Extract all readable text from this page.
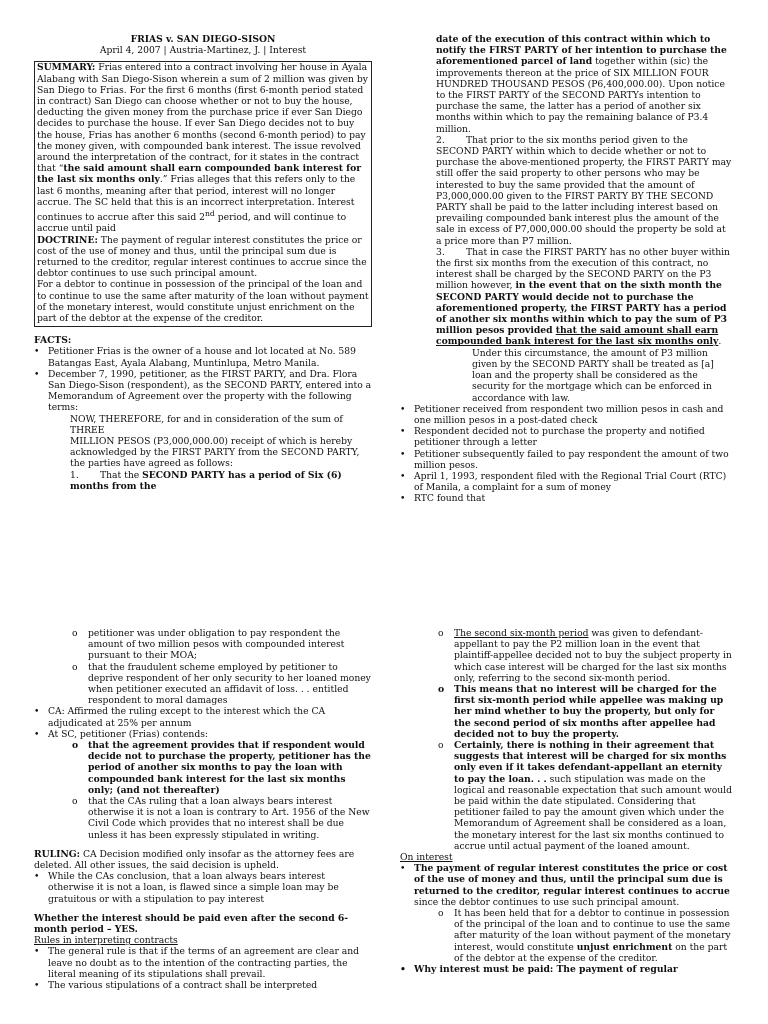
FRIAS v. SAN DIEGO-SISON

April 4, 2007 | Austria-Martinez, J. | Interest

SUMMARY: Frias entered into a contract involving her house in Ayala Alabang with San Diego-Sison wherein a sum of 2 million was given by San Diego to Frias. For the first 6 months (first 6-month period stated in contract) San Diego can choose whether or not to buy the house, deducting the given money from the purchase price if ever San Diego decides to purchase the house. If ever San Diego decides not to buy the house, Frias has another 6 months (second 6-month period) to pay the money given, with compounded bank interest. The issue revolved around the interpretation of the contract, for it states in the contract that “the said amount shall earn compounded bank interest for the last six months only.” Frias alleges that this refers only to the last 6 months, meaning after that period, interest will no longer accrue. The SC held that this is an incorrect interpretation. Interest continues to accrue after this said 2nd period, and will continue to accrue until paid

DOCTRINE: The payment of regular interest constitutes the price or cost of the use of money and thus, until the principal sum due is returned to the creditor, regular interest continues to accrue since the debtor continues to use such principal amount.

For a debtor to continue in possession of the principal of the loan and to continue to use the same after maturity of the loan without payment of the monetary interest, would constitute unjust enrichment on the part of the debtor at the expense of the creditor.

FACTS:

• Petitioner Frias is the owner of a house and lot located at No. 589 Batangas East, Ayala Alabang, Muntinlupa, Metro Manila.
• December 7, 1990, petitioner, as the FIRST PARTY, and Dra. Flora San Diego-Sison (respondent), as the SECOND PARTY, entered into a Memorandum of Agreement over the property with the following terms:

NOW, THEREFORE, for and in consideration of the sum of THREE

MILLION PESOS (P3,000,000.00) receipt of which is hereby acknowledged by the FIRST PARTY from the SECOND PARTY, the parties have agreed as follows:

1. That the SECOND PARTY has a period of Six (6) months from the

date of the execution of this contract within which to notify the FIRST PARTY of her intention to purchase the aforementioned parcel of land together within (sic) the improvements thereon at the price of SIX MILLION FOUR HUNDRED THOUSAND PESOS (P6,400,000.00). Upon notice to the FIRST PARTY of the SECOND PARTYs intention to purchase the same, the latter has a period of another six months within which to pay the remaining balance of P3.4 million.

2. That prior to the six months period given to the SECOND PARTY within which to decide whether or not to purchase the above-mentioned property, the FIRST PARTY may still offer the said property to other persons who may be interested to buy the same provided that the amount of P3,000,000.00 given to the FIRST PARTY BY THE SECOND PARTY shall be paid to the latter including interest based on prevailing compounded bank interest plus the amount of the sale in excess of P7,000,000.00 should the property be sold at a price more than P7 million.

3. That in case the FIRST PARTY has no other buyer within the first six months from the execution of this contract, no interest shall be charged by the SECOND PARTY on the P3 million however, in the event that on the sixth month the SECOND PARTY would decide not to purchase the aforementioned property, the FIRST PARTY has a period of another six months within which to pay the sum of P3 million pesos provided that the said amount shall earn compounded bank interest for the last six months only.

Under this circumstance, the amount of P3 million given by the SECOND PARTY shall be treated as [a] loan and the property shall be considered as the security for the mortgage which can be enforced in accordance with law.

• Petitioner received from respondent two million pesos in cash and one million pesos in a post-dated check
• Respondent decided not to purchase the property and notified petitioner through a letter
• Petitioner subsequently failed to pay respondent the amount of two million pesos.
• April 1, 1993, respondent filed with the Regional Trial Court (RTC) of Manila, a complaint for a sum of money
• RTC found that
o petitioner was under obligation to pay respondent the amount of two million pesos with compounded interest pursuant to their MOA;
o that the fraudulent scheme employed by petitioner to deprive respondent of her only security to her loaned money when petitioner executed an affidavit of loss. . . entitled respondent to moral damages
• CA: Affirmed the ruling except to the interest which the CA adjudicated at 25% per annum
• At SC, petitioner (Frias) contends:
o that the agreement provides that if respondent would decide not to purchase the property, petitioner has the period of another six months to pay the loan with compounded bank interest for the last six months only; (and not thereafter)
o that the CAs ruling that a loan always bears interest otherwise it is not a loan is contrary to Art. 1956 of the New Civil Code which provides that no interest shall be due unless it has been expressly stipulated in writing.

RULING: CA Decision modified only insofar as the attorney fees are deleted. All other issues, the said decision is upheld.

• While the CAs conclusion, that a loan always bears interest otherwise it is not a loan, is flawed since a simple loan may be gratuitous or with a stipulation to pay interest

Whether the interest should be paid even after the second 6-month period – YES.

Rules in interpreting contracts

• The general rule is that if the terms of an agreement are clear and leave no doubt as to the intention of the contracting parties, the literal meaning of its stipulations shall prevail.
• The various stipulations of a contract shall be interpreted
o The second six-month period was given to defendant-appellant to pay the P2 million loan in the event that plaintiff-appellee decided not to buy the subject property in which case interest will be charged for the last six months only, referring to the second six-month period.
o This means that no interest will be charged for the first six-month period while appellee was making up her mind whether to buy the property, but only for the second period of six months after appellee had decided not to buy the property.
o Certainly, there is nothing in their agreement that suggests that interest will be charged for six months only even if it takes defendant-appellant an eternity to pay the loan. . . such stipulation was made on the logical and reasonable expectation that such amount would be paid within the date stipulated. Considering that petitioner failed to pay the amount given which under the Memorandum of Agreement shall be considered as a loan, the monetary interest for the last six months continued to accrue until actual payment of the loaned amount.

On interest

• The payment of regular interest constitutes the price or cost of the use of money and thus, until the principal sum due is returned to the creditor, regular interest continues to accrue since the debtor continues to use such principal amount.
o It has been held that for a debtor to continue in possession of the principal of the loan and to continue to use the same after maturity of the loan without payment of the monetary interest, would constitute unjust enrichment on the part of the debtor at the expense of the creditor.
• Why interest must be paid: The payment of regular
